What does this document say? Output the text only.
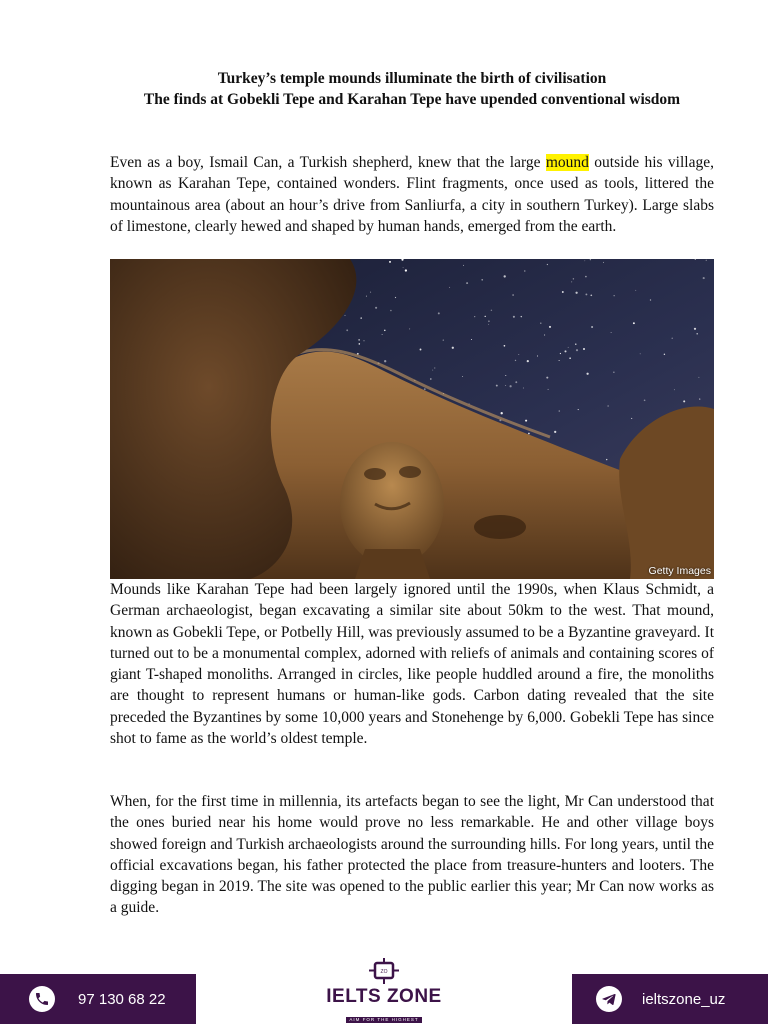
Turkey’s temple mounds illuminate the birth of civilisation
The finds at Gobekli Tepe and Karahan Tepe have upended conventional wisdom

Even as a boy, Ismail Can, a Turkish shepherd, knew that the large mound outside his village, known as Karahan Tepe, contained wonders. Flint fragments, once used as tools, littered the mountainous area (about an hour’s drive from Sanliurfa, a city in southern Turkey). Large slabs of limestone, clearly hewed and shaped by human hands, emerged from the earth.

Getty Images

Mounds like Karahan Tepe had been largely ignored until the 1990s, when Klaus Schmidt, a German archaeologist, began excavating a similar site about 50km to the west. That mound, known as Gobekli Tepe, or Potbelly Hill, was previously assumed to be a Byzantine graveyard. It turned out to be a monumental complex, adorned with reliefs of animals and containing scores of giant T-shaped monoliths. Arranged in circles, like people huddled around a fire, the monoliths are thought to represent humans or human-like gods. Carbon dating revealed that the site preceded the Byzantines by some 10,000 years and Stonehenge by 6,000. Gobekli Tepe has since shot to fame as the world’s oldest temple.

When, for the first time in millennia, its artefacts began to see the light, Mr Can understood that the ones buried near his home would prove no less remarkable. He and other village boys showed foreign and Turkish archaeologists around the surrounding hills. For long years, until the official excavations began, his father protected the place from treasure-hunters and looters. The digging began in 2019. The site was opened to the public earlier this year; Mr Can now works as a guide.

97 130 68 22
ZO
IELTS ZONE
AIM FOR THE HIGHEST
ieltszone_uz
